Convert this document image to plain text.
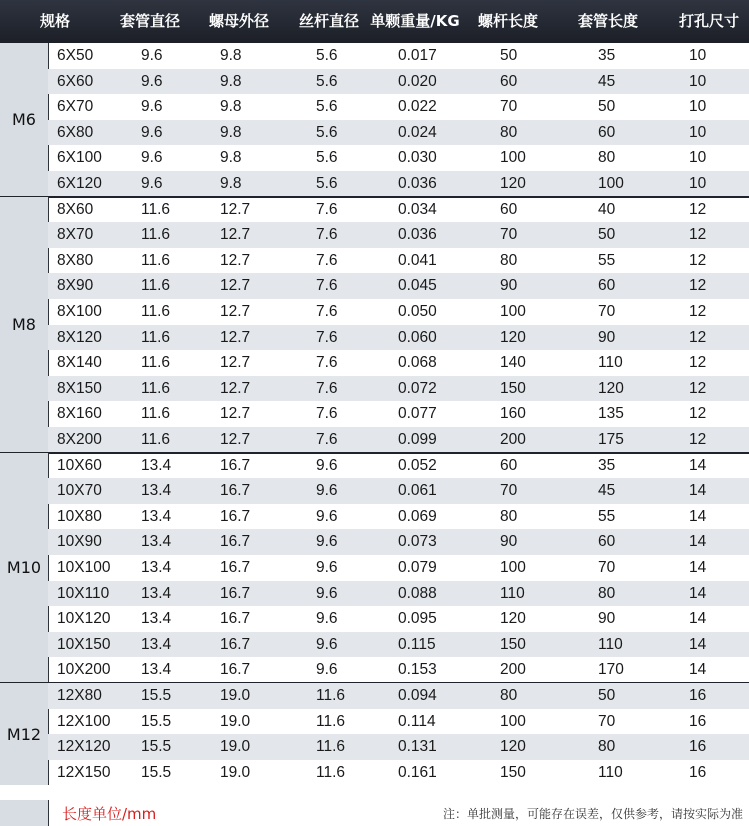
规格	套管直径 螺母外径 丝杆直径 单颗重量/KG 螺杆长度	套管长度	打孔尺寸
M6
6X50	9.6	9.8	5.6	0.017	50	35	10
6X60	9.6	9.8	5.6	0.020	60	45	10
6X70	9.6	9.8	5.6	0.022	70	50	10
6X80	9.6	9.8	5.6	0.024	80	60	10
6X100	9.6	9.8	5.6	0.030	100	80	10
6X120	9.6	9.8	5.6	0.036	120	100	10
M8
8X60	11.6	12.7	7.6	0.034	60	40	12
8X70	11.6	12.7	7.6	0.036	70	50	12
8X80	11.6	12.7	7.6	0.041	80	55	12
8X90	11.6	12.7	7.6	0.045	90	60	12
8X100	11.6	12.7	7.6	0.050	100	70	12
8X120	11.6	12.7	7.6	0.060	120	90	12
8X140	11.6	12.7	7.6	0.068	140	110	12
8X150	11.6	12.7	7.6	0.072	150	120	12
8X160	11.6	12.7	7.6	0.077	160	135	12
8X200	11.6	12.7	7.6	0.099	200	175	12
M10
10X60	13.4	16.7	9.6	0.052	60	35	14
10X70	13.4	16.7	9.6	0.061	70	45	14
10X80	13.4	16.7	9.6	0.069	80	55	14
10X90	13.4	16.7	9.6	0.073	90	60	14
10X100 13.4	16.7	9.6	0.079	100	70	14
10X110 13.4	16.7	9.6	0.088	110	80	14
10X120 13.4	16.7	9.6	0.095	120	90	14
10X150 13.4	16.7	9.6	0.115	150	110	14
10X200 13.4	16.7	9.6	0.153	200	170	14
M12
12X80	15.5	19.0	11.6	0.094	80	50	16
12X100 15.5	19.0	11.6	0.114	100	70	16
12X120 15.5	19.0	11.6	0.131	120	80	16
12X150 15.5	19.0	11.6	0.161	150	110	16
长度单位/mm	注：单批测量，可能存在误差，仅供参考，请按实际为准
